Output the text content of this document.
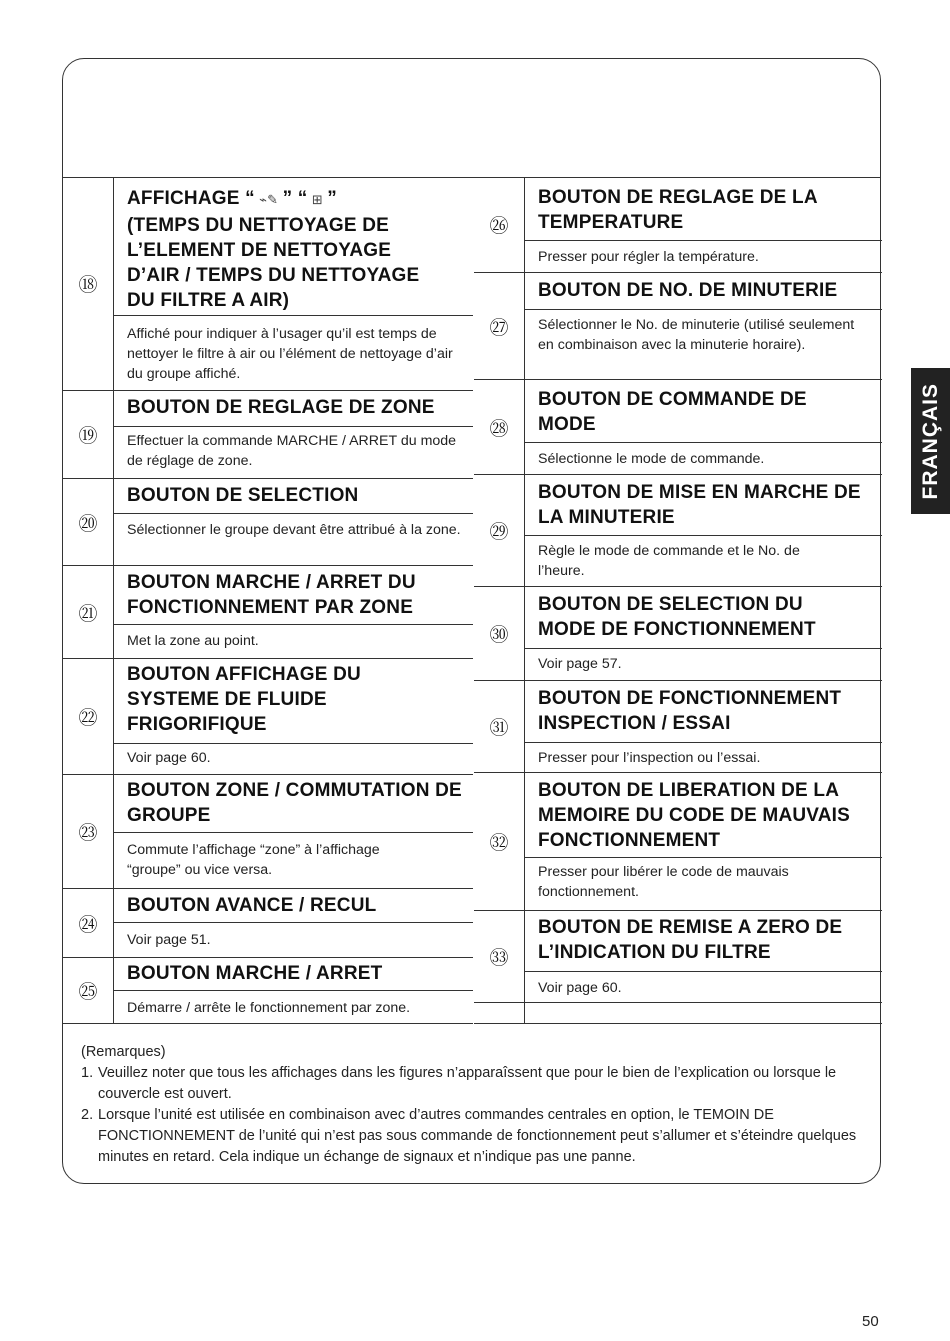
⑱
AFFICHAGE “ ⌁✎ ” “ ⊞ ”
(TEMPS DU NETTOYAGE DE
L’ELEMENT DE NETTOYAGE
D’AIR / TEMPS DU NETTOYAGE
DU FILTRE A AIR)
Affiché pour indiquer à l’usager qu’il est temps de nettoyer le filtre à air ou l’élément de nettoyage d’air du groupe affiché.
⑲
BOUTON DE REGLAGE DE ZONE
Effectuer la commande MARCHE / ARRET du mode de réglage de zone.
⑳
BOUTON DE SELECTION
Sélectionner le groupe devant être attribué à la zone.
㉑
BOUTON MARCHE / ARRET DU FONCTIONNEMENT PAR ZONE
Met la zone au point.
㉒
BOUTON AFFICHAGE DU SYSTEME DE FLUIDE FRIGORIFIQUE
Voir page 60.
㉓
BOUTON ZONE / COMMUTATION DE GROUPE
Commute l’affichage “zone” à l’affichage “groupe” ou vice versa.
㉔
BOUTON AVANCE / RECUL
Voir page 51.
㉕
BOUTON MARCHE / ARRET
Démarre / arrête le fonctionnement par zone.
㉖
BOUTON DE REGLAGE DE LA TEMPERATURE
Presser pour régler la température.
㉗
BOUTON DE NO. DE MINUTERIE
Sélectionner le No. de minuterie (utilisé seulement en combinaison avec la minuterie horaire).
㉘
BOUTON DE COMMANDE DE MODE
Sélectionne le mode de commande.
㉙
BOUTON DE MISE EN MARCHE DE LA MINUTERIE
Règle le mode de commande et le No. de l’heure.
㉚
BOUTON DE SELECTION DU MODE DE FONCTIONNEMENT
Voir page 57.
㉛
BOUTON DE FONCTIONNEMENT INSPECTION / ESSAI
Presser pour l’inspection ou l’essai.
㉜
BOUTON DE LIBERATION DE LA MEMOIRE DU CODE DE MAUVAIS FONCTIONNEMENT
Presser pour libérer le code de mauvais fonctionnement.
㉝
BOUTON DE REMISE A ZERO DE L’INDICATION DU FILTRE
Voir page 60.
(Remarques)
1. Veuillez noter que tous les affichages dans les figures n’apparaîssent que pour le bien de l’explication ou lorsque le couvercle est ouvert.
2. Lorsque l’unité est utilisée en combinaison avec d’autres commandes centrales en option, le TEMOIN DE FONCTIONNEMENT de l’unité qui n’est pas sous commande de fonctionnement peut s’allumer et s’éteindre quelques minutes en retard. Cela indique un échange de signaux et n’indique pas une panne.
FRANÇAIS
50
